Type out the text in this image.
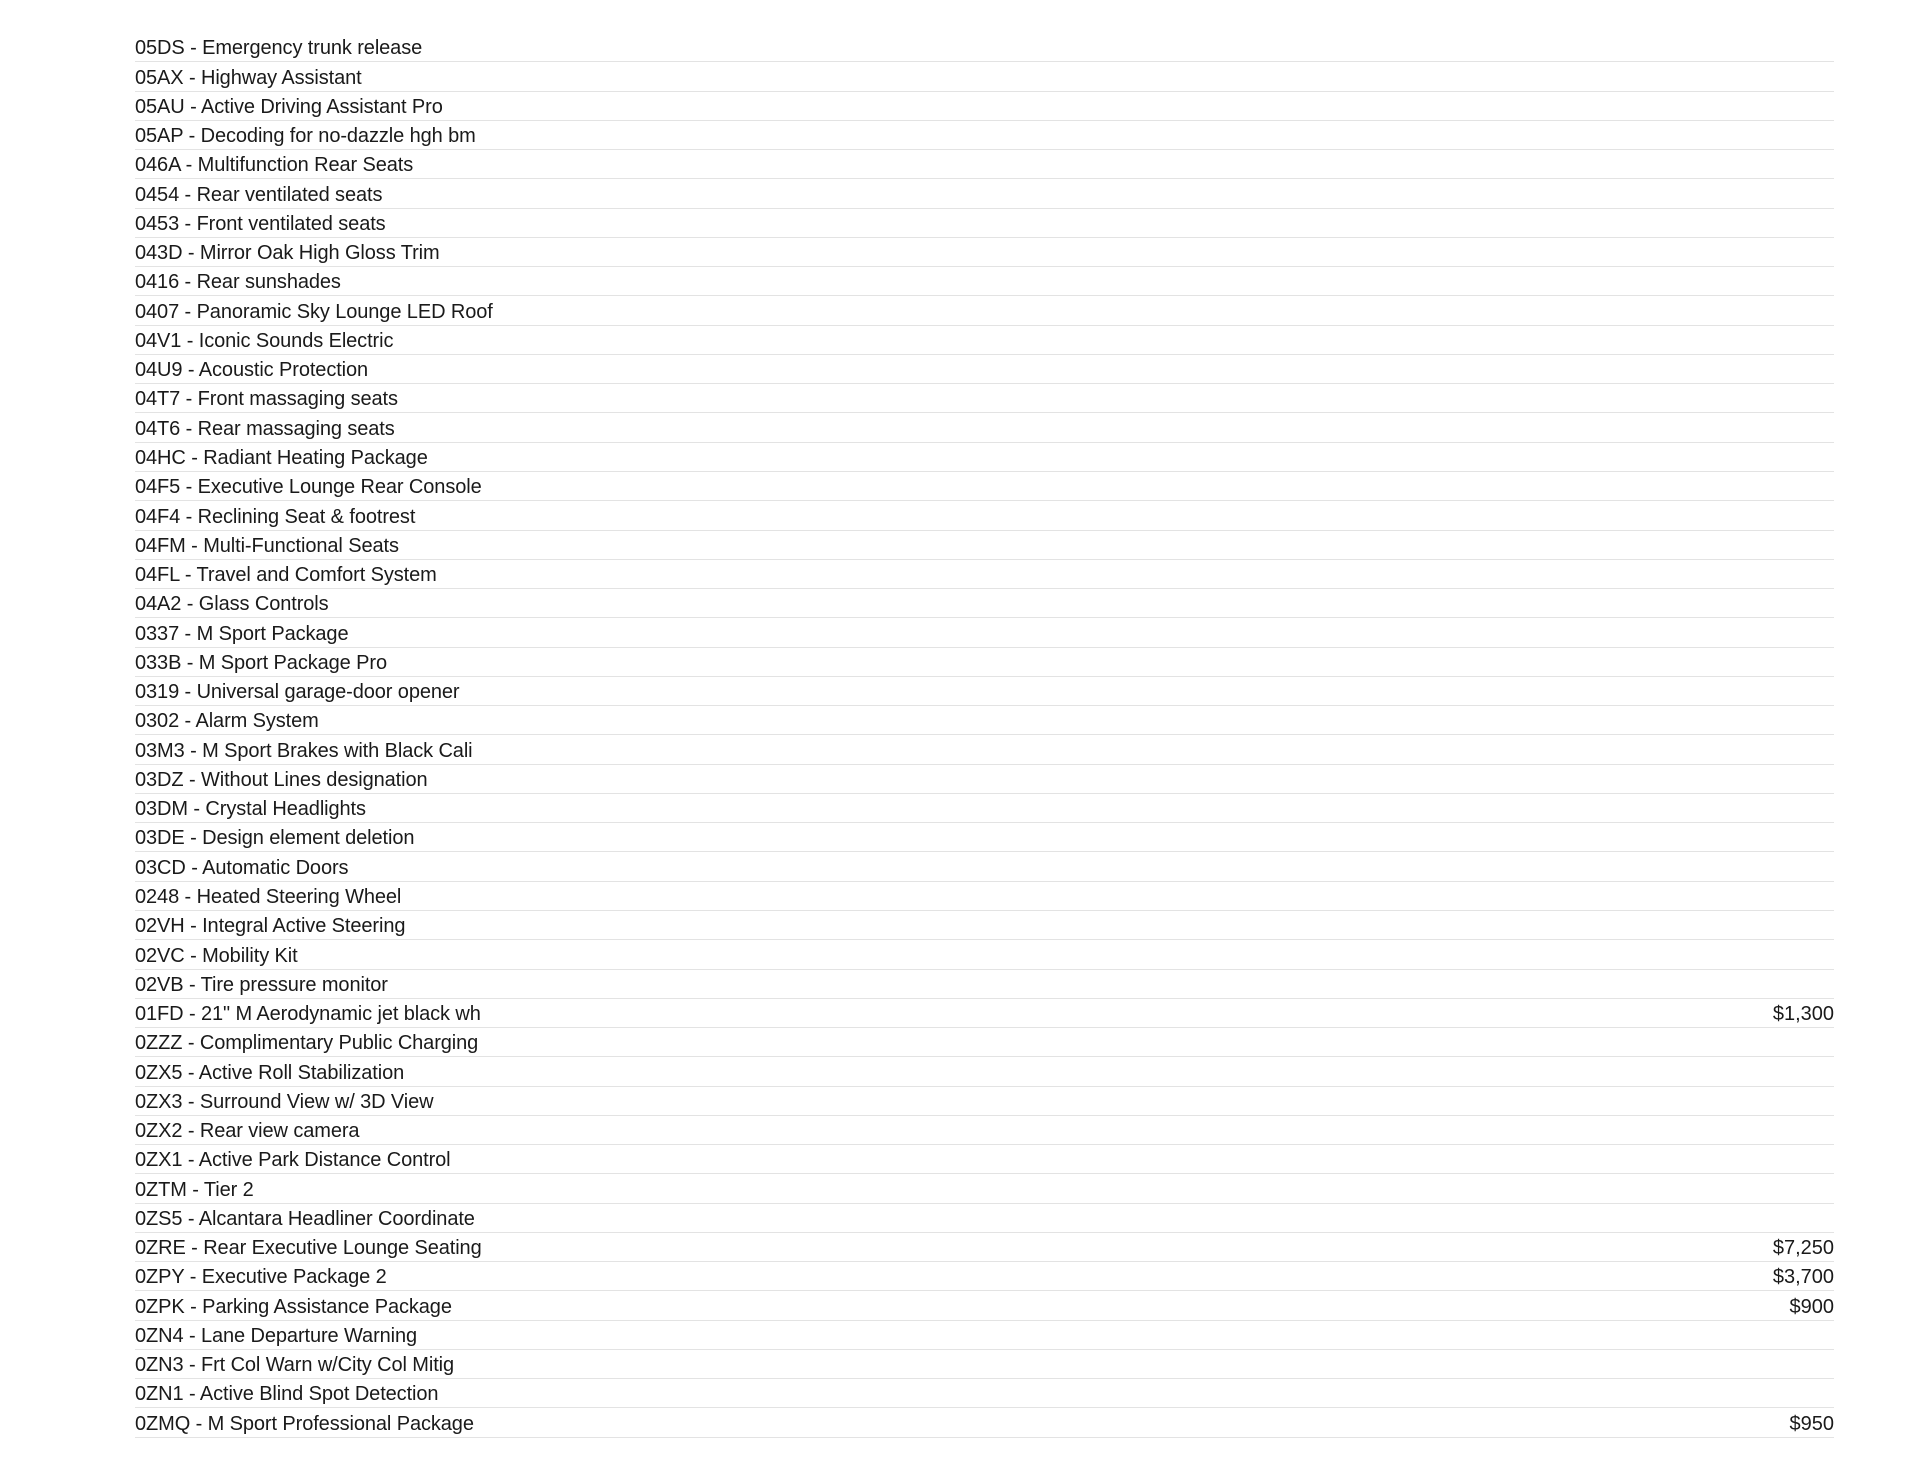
05DS - Emergency trunk release
05AX - Highway Assistant
05AU - Active Driving Assistant Pro
05AP - Decoding for no-dazzle hgh bm
046A - Multifunction Rear Seats
0454 - Rear ventilated seats
0453 - Front ventilated seats
043D - Mirror Oak High Gloss Trim
0416 - Rear sunshades
0407 - Panoramic Sky Lounge LED Roof
04V1 - Iconic Sounds Electric
04U9 - Acoustic Protection
04T7 - Front massaging seats
04T6 - Rear massaging seats
04HC - Radiant Heating Package
04F5 - Executive Lounge Rear Console
04F4 - Reclining Seat & footrest
04FM - Multi-Functional Seats
04FL - Travel and Comfort System
04A2 - Glass Controls
0337 - M Sport Package
033B - M Sport Package Pro
0319 - Universal garage-door opener
0302 - Alarm System
03M3 - M Sport Brakes with Black Cali
03DZ - Without Lines designation
03DM - Crystal Headlights
03DE - Design element deletion
03CD - Automatic Doors
0248 - Heated Steering Wheel
02VH - Integral Active Steering
02VC - Mobility Kit
02VB - Tire pressure monitor
01FD - 21" M Aerodynamic jet black wh	$1,300
0ZZZ - Complimentary Public Charging
0ZX5 - Active Roll Stabilization
0ZX3 - Surround View w/ 3D View
0ZX2 - Rear view camera
0ZX1 - Active Park Distance Control
0ZTM - Tier 2
0ZS5 - Alcantara Headliner Coordinate
0ZRE - Rear Executive Lounge Seating	$7,250
0ZPY - Executive Package 2	$3,700
0ZPK - Parking Assistance Package	$900
0ZN4 - Lane Departure Warning
0ZN3 - Frt Col Warn w/City Col Mitig
0ZN1 - Active Blind Spot Detection
0ZMQ - M Sport Professional Package	$950
